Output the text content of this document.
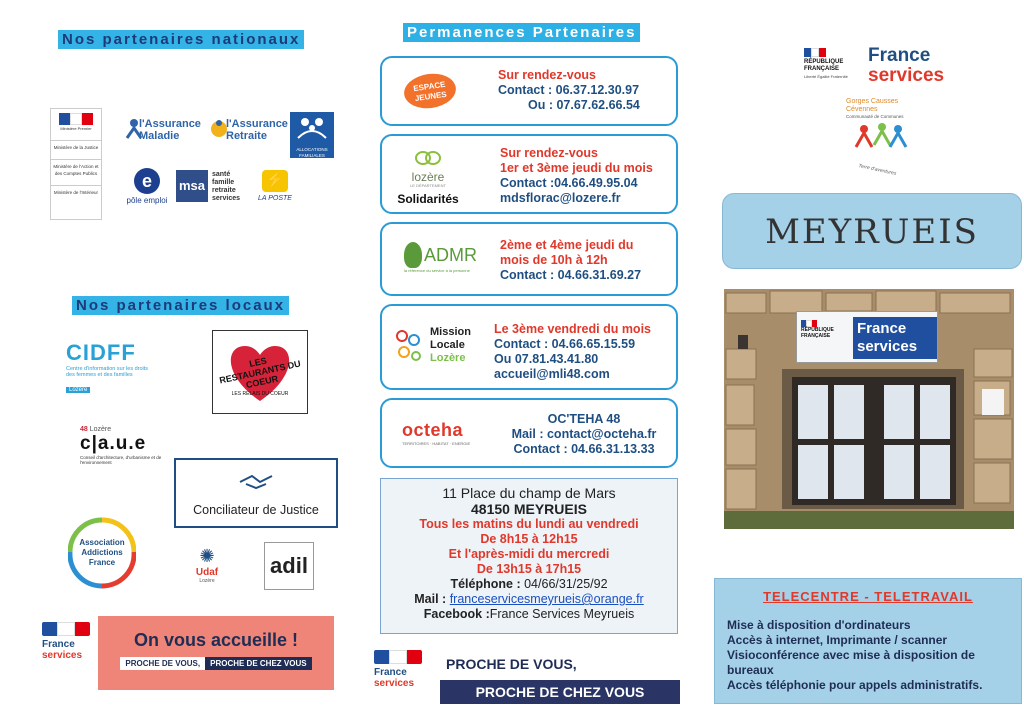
Nos partenaires nationaux
Ministère Premier
Ministère de la Justice
Ministère de l'Action et des Comptes Publics
Ministère de l'Intérieur
l'Assurance Maladie
l'Assurance Retraite
ALLOCATIONS FAMILIALES
e
pôle emploi
msa
santé famille retraite services
⚡
LA POSTE
Nos partenaires locaux
CIDFF
Centre d'information sur les droits des femmes et des familles
Lozère
LES RESTAURANTS DU COEUR
LES RELAIS DU COEUR
48 Lozère
c|a.u.e
Conseil d'architecture, d'urbanisme et de l'environnement
Conciliateur de Justice
Association Addictions France	✺
Udaf
Lozère
adil
France
services
On vous accueille !
PROCHE DE VOUS,	PROCHE DE CHEZ VOUS
Permanences Partenaires
ESPACE JEUNES
Sur rendez-vous
Contact : 06.37.12.30.97
Ou : 07.67.62.66.54
lozère
LE DÉPARTEMENT
Solidarités
Sur rendez-vous
1er et 3ème jeudi du mois
Contact :04.66.49.95.04
mdsflorac@lozere.fr
ADMR
la référence du service à la personne
2ème et 4ème jeudi du
mois de 10h à 12h
Contact : 04.66.31.69.27
Mission
Locale
Lozère
Le 3ème vendredi du mois
Contact : 04.66.65.15.59
Ou 07.81.43.41.80
accueil@mli48.com
octeha
TERRITOIRES · HABITAT · ENERGIE
OC'TEHA 48
Mail : contact@octeha.fr
Contact : 04.66.31.13.33
11 Place du champ de Mars
48150 MEYRUEIS
Tous les matins du lundi au vendredi
De 8h15 à 12h15
Et l'après-midi du mercredi
De 13h15 à 17h15
Téléphone : 04/66/31/25/92
Mail : franceservicesmeyrueis@orange.fr
Facebook :France Services Meyrueis
France
services
PROCHE DE VOUS,
PROCHE DE CHEZ VOUS
RÉPUBLIQUE FRANÇAISE
Liberté Égalité Fraternité
France
services
Gorges Causses Cévennes
Communauté de Communes
Terre d'aventures
MEYRUEIS
RÉPUBLIQUE FRANÇAISE	France
services
TELECENTRE - TELETRAVAIL
Mise à disposition d'ordinateurs
Accès à internet, Imprimante / scanner
Visioconférence avec mise à disposition de bureaux
Accès téléphonie pour appels administratifs.
